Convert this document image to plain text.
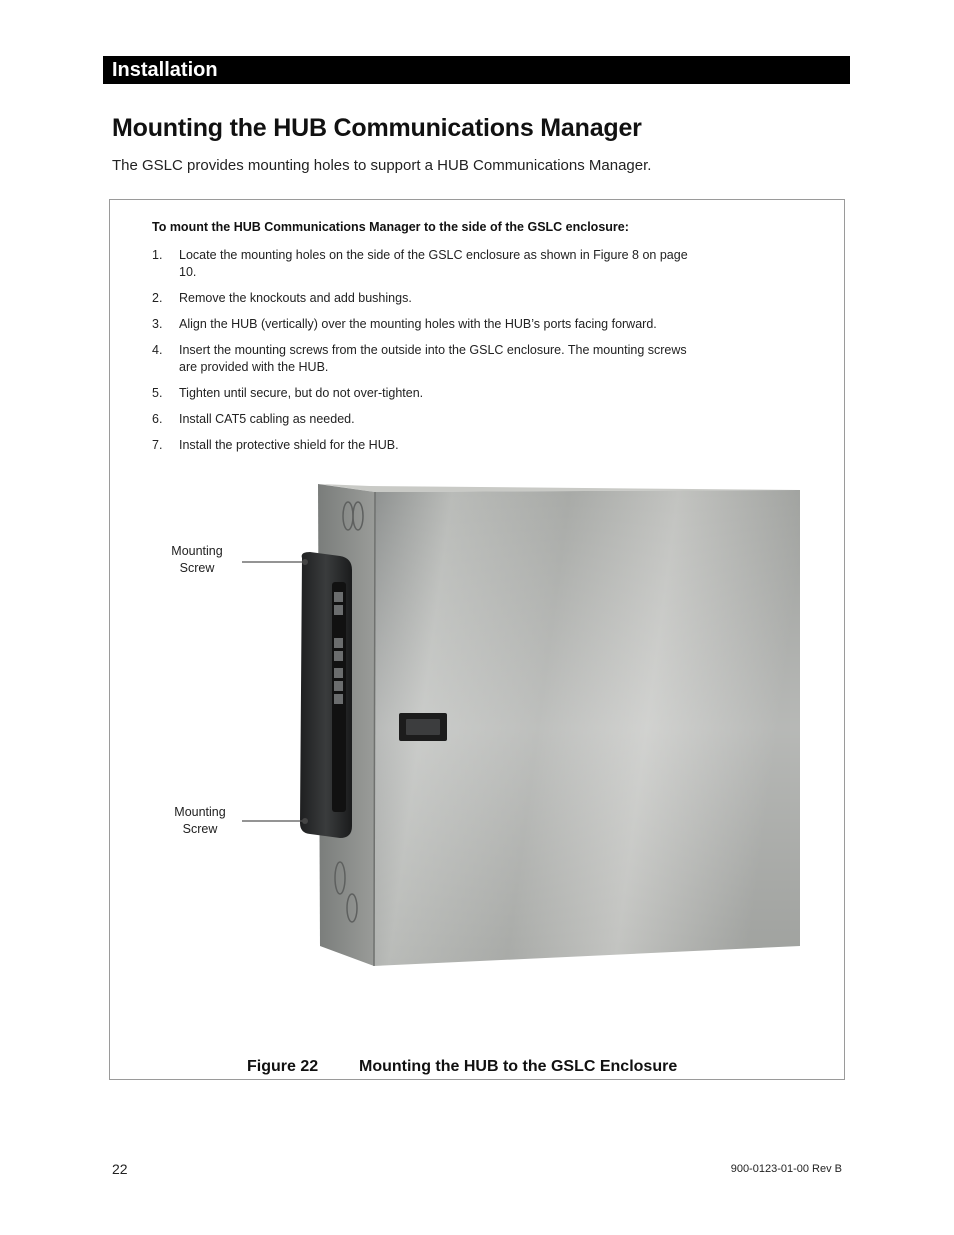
Installation
Mounting the HUB Communications Manager

The GSLC provides mounting holes to support a HUB Communications Manager.

To mount the HUB Communications Manager to the side of the GSLC enclosure:

1. Locate the mounting holes on the side of the GSLC enclosure as shown in Figure 8 on page 10.
2. Remove the knockouts and add bushings.
3. Align the HUB (vertically) over the mounting holes with the HUB’s ports facing forward.
4. Insert the mounting screws from the outside into the GSLC enclosure. The mounting screws are provided with the HUB.
5. Tighten until secure, but do not over-tighten.
6. Install CAT5 cabling as needed.
7. Install the protective shield for the HUB.
Mounting
Screw
Mounting
Screw
Figure 22	Mounting the HUB to the GSLC Enclosure
22	900-0123-01-00 Rev B
